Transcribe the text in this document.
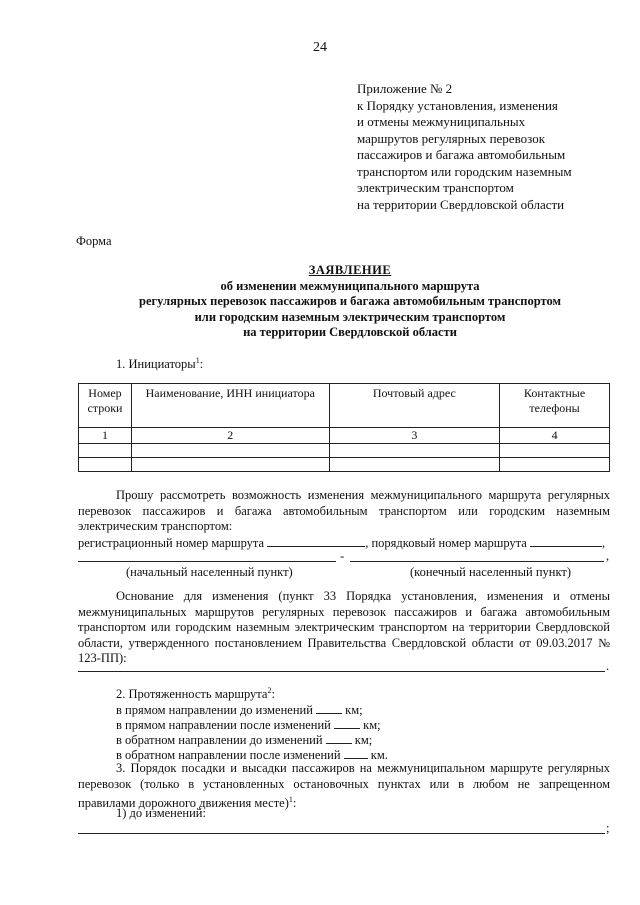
24
Приложение № 2
к Порядку установления, изменения
и отмены межмуниципальных
маршрутов регулярных перевозок
пассажиров и багажа автомобильным
транспортом или городским наземным
электрическим транспортом
на территории Свердловской области
Форма
ЗАЯВЛЕНИЕ
об изменении межмуниципального маршрута
регулярных перевозок пассажиров и багажа автомобильным транспортом
или городским наземным электрическим транспортом
на территории Свердловской области
1. Инициаторы$^1$:
Номер строки	Наименование, ИНН инициатора	Почтовый адрес	Контактные телефоны
1	2	3	4

Прошу рассмотреть возможность изменения межмуниципального маршрута регулярных перевозок пассажиров и багажа автомобильным транспортом или городским наземным электрическим транспортом:
регистрационный номер маршрута	, порядковый номер маршрута	,
-	,
(начальный населенный пункт)	(конечный населенный пункт)
Основание для изменения (пункт 33 Порядка установления, изменения и отмены межмуниципальных маршрутов регулярных перевозок пассажиров и багажа автомобильным транспортом или городским наземным электрическим транспортом на территории Свердловской области, утвержденного постановлением Правительства Свердловской области от 09.03.2017 № 123-ПП):
.
2. Протяженность маршрута$^2$:
в прямом направлении до изменений	км;
в прямом направлении после изменений	км;
в обратном направлении до изменений	км;
в обратном направлении после изменений км.
3. Порядок посадки и высадки пассажиров на межмуниципальном маршруте регулярных перевозок (только в установленных остановочных пунктах или в любом не запрещенном правилами дорожного движения месте)$^1$:
1) до изменений:
;
